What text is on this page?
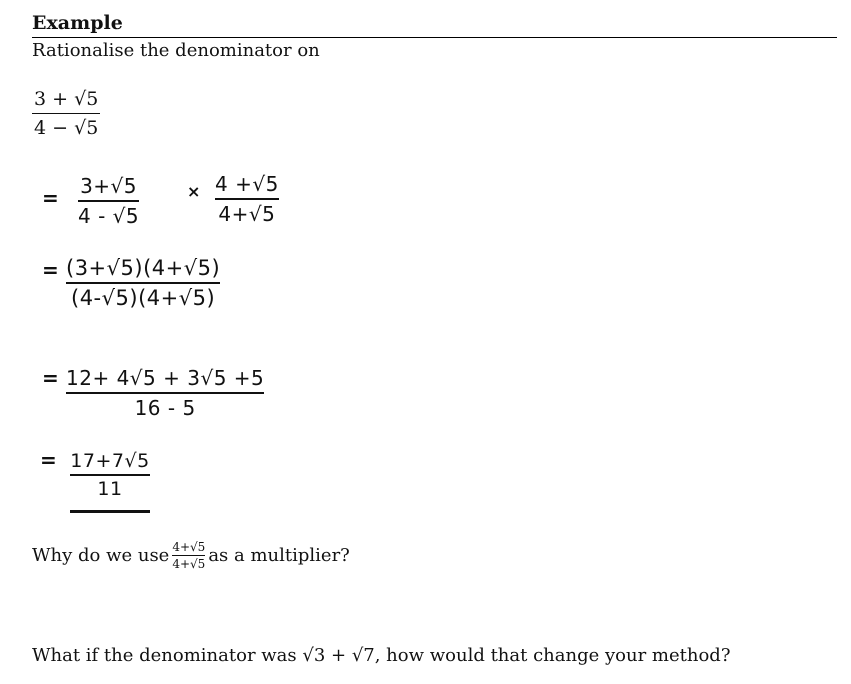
Example
Rationalise the denominator on
3 + √5
4 − √5
= 3+√5
4 - √5
× 4 +√5
4+√5
= (3+√5)(4+√5)
(4-√5)(4+√5)
= 12+ 4√5 + 3√5 +5
16 - 5
= 17+7√5
11
Why do we use 4+√5
4+√5 as a multiplier?
What if the denominator was √3 + √7, how would that change your method?
